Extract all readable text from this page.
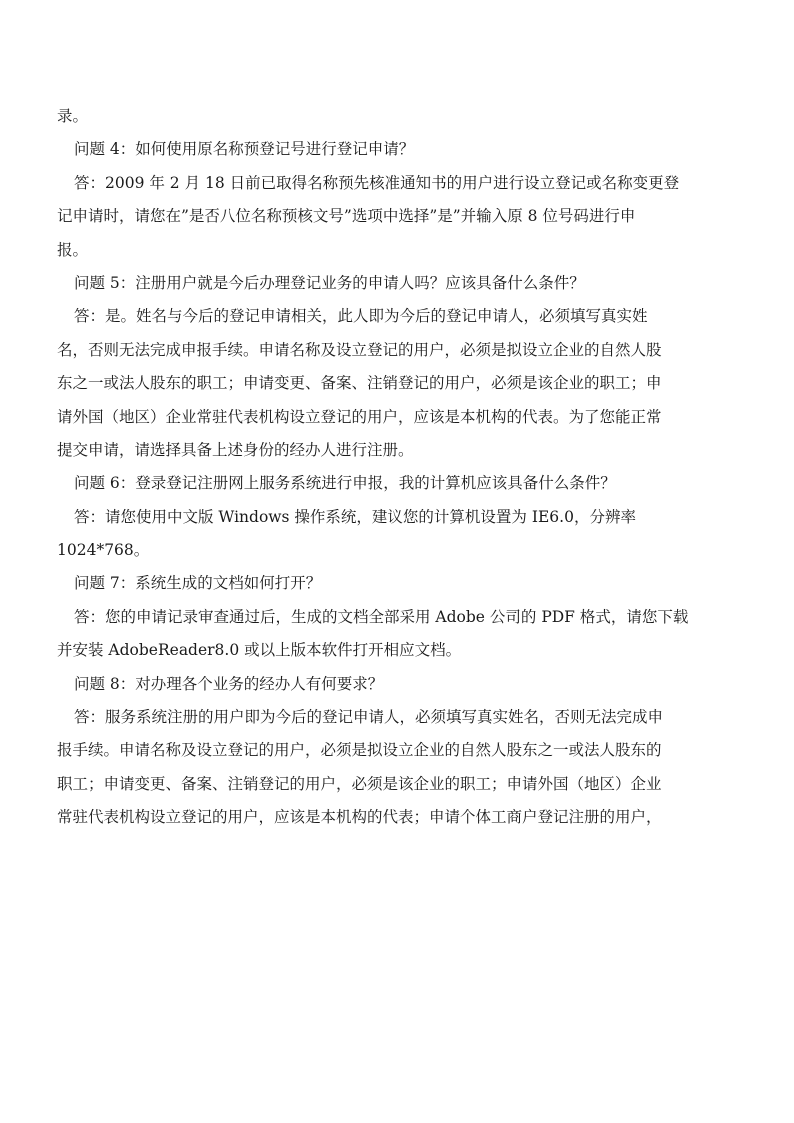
录。
问题 4：如何使用原名称预登记号进行登记申请？
答：2009 年 2 月 18 日前已取得名称预先核准通知书的用户进行设立登记或名称变更登
记申请时，请您在”是否八位名称预核文号”选项中选择”是”并输入原 8 位号码进行申
报。
问题 5：注册用户就是今后办理登记业务的申请人吗？应该具备什么条件？
答：是。姓名与今后的登记申请相关，此人即为今后的登记申请人，必须填写真实姓
名，否则无法完成申报手续。申请名称及设立登记的用户，必须是拟设立企业的自然人股
东之一或法人股东的职工；申请变更、备案、注销登记的用户，必须是该企业的职工；申
请外国（地区）企业常驻代表机构设立登记的用户，应该是本机构的代表。为了您能正常
提交申请，请选择具备上述身份的经办人进行注册。
问题 6：登录登记注册网上服务系统进行申报，我的计算机应该具备什么条件？
答：请您使用中文版 Windows 操作系统，建议您的计算机设置为 IE6.0，分辨率
1024*768。
问题 7：系统生成的文档如何打开？
答：您的申请记录审查通过后，生成的文档全部采用 Adobe 公司的 PDF 格式，请您下载
并安装 AdobeReader8.0 或以上版本软件打开相应文档。
问题 8：对办理各个业务的经办人有何要求？
答：服务系统注册的用户即为今后的登记申请人，必须填写真实姓名，否则无法完成申
报手续。申请名称及设立登记的用户，必须是拟设立企业的自然人股东之一或法人股东的
职工；申请变更、备案、注销登记的用户，必须是该企业的职工；申请外国（地区）企业
常驻代表机构设立登记的用户，应该是本机构的代表；申请个体工商户登记注册的用户，
